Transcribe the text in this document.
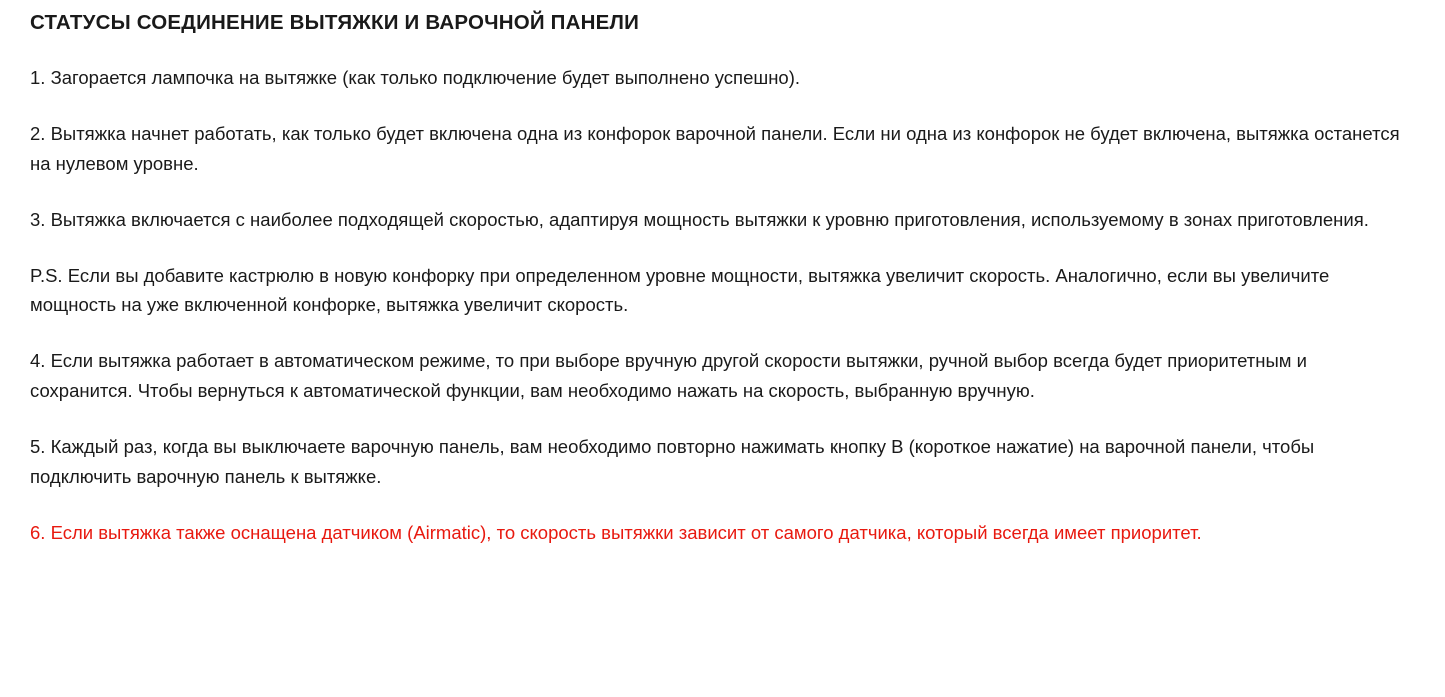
СТАТУСЫ СОЕДИНЕНИЕ ВЫТЯЖКИ И ВАРОЧНОЙ ПАНЕЛИ

1. Загорается лампочка на вытяжке (как только подключение будет выполнено успешно).

2. Вытяжка начнет работать, как только будет включена одна из конфорок варочной панели. Если ни одна из конфорок не будет включена, вытяжка останется на нулевом уровне.

3. Вытяжка включается с наиболее подходящей скоростью, адаптируя мощность вытяжки к уровню приготовления, используемому в зонах приготовления.

P.S. Если вы добавите кастрюлю в новую конфорку при определенном уровне мощности, вытяжка увеличит скорость. Аналогично, если вы увеличите мощность на уже включенной конфорке, вытяжка увеличит скорость.

4. Если вытяжка работает в автоматическом режиме, то при выборе вручную другой скорости вытяжки, ручной выбор всегда будет приоритетным и сохранится. Чтобы вернуться к автоматической функции, вам необходимо нажать на скорость, выбранную вручную.

5. Каждый раз, когда вы выключаете варочную панель, вам необходимо повторно нажимать кнопку B (короткое нажатие) на варочной панели, чтобы подключить варочную панель к вытяжке.

6. Если вытяжка также оснащена датчиком (Airmatic), то скорость вытяжки зависит от самого датчика, который всегда имеет приоритет.
